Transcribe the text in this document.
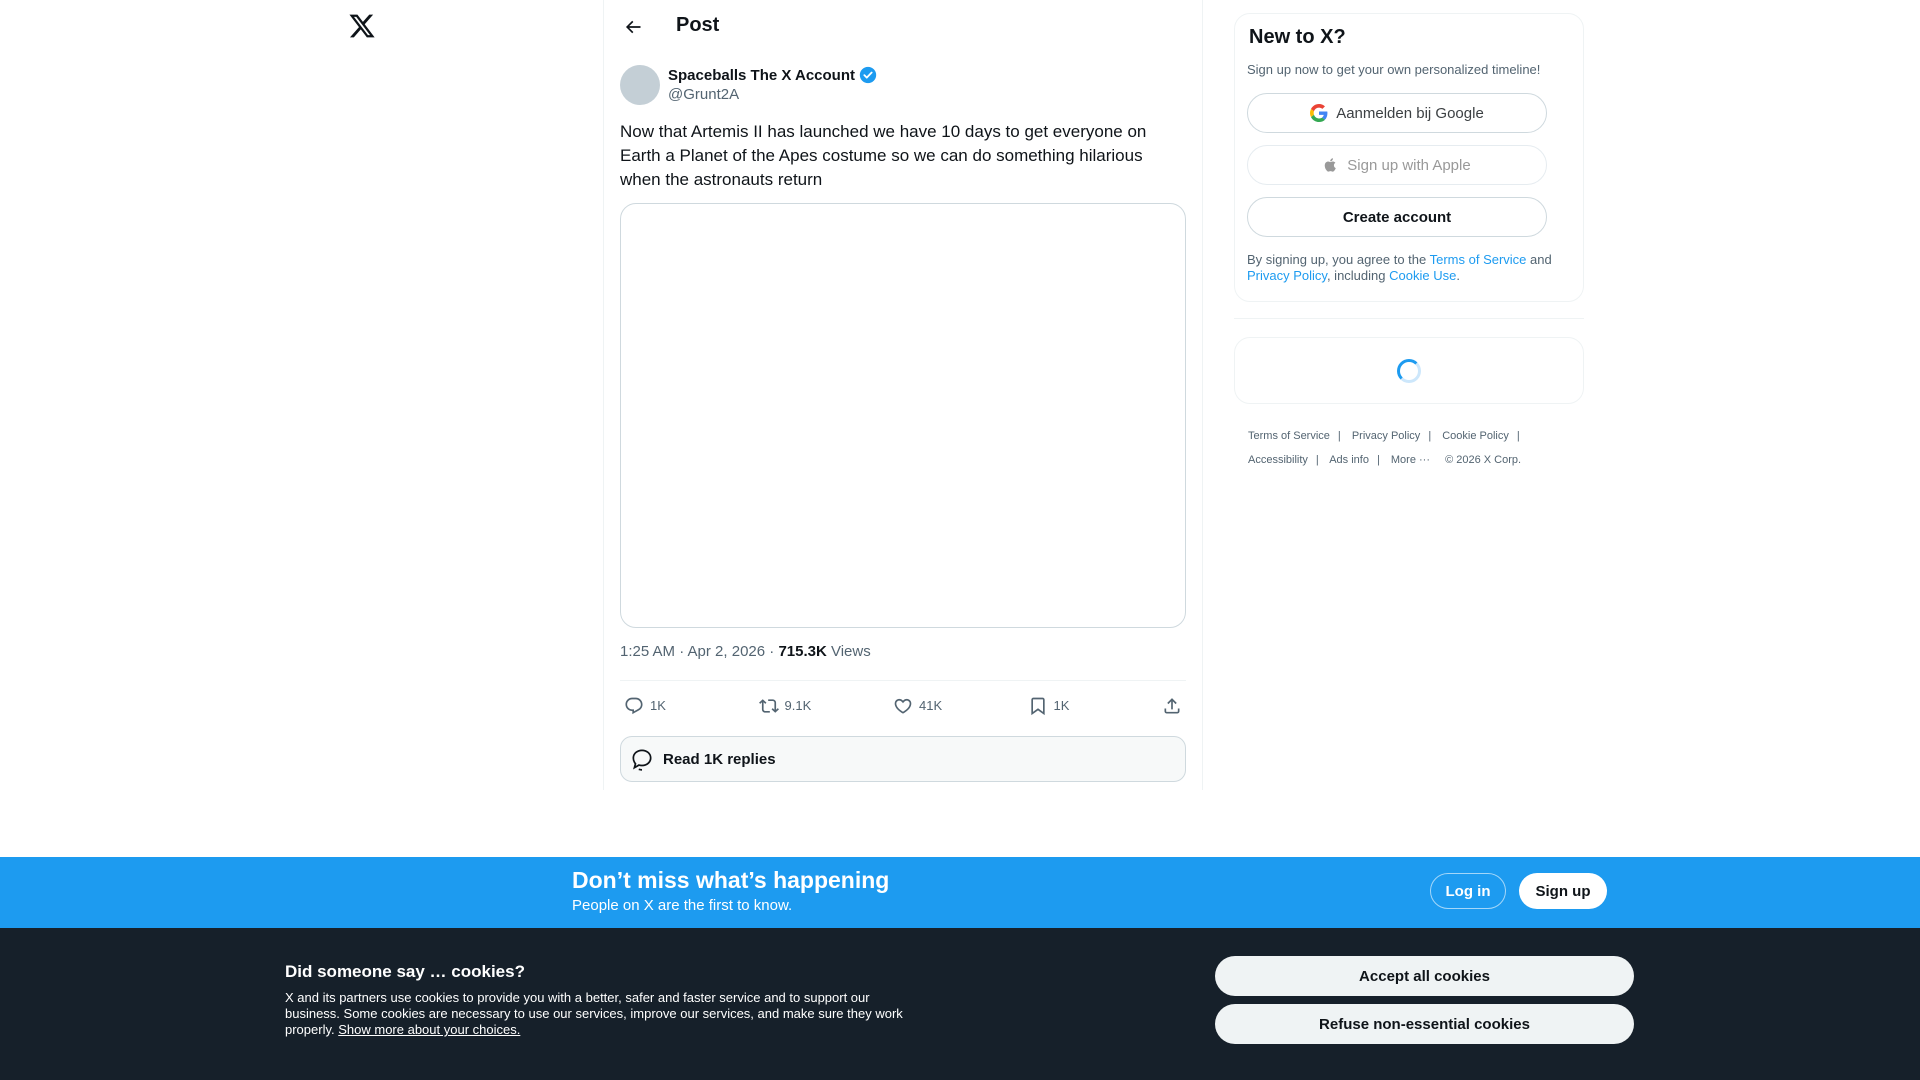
Post
Spaceballs The X Account
@Grunt2A
Now that Artemis II has launched we have 10 days to get everyone on Earth a Planet of the Apes costume so we can do something hilarious when the astronauts return
1:25 AM · Apr 2, 2026 · 715.3K Views
1K	9.1K	41K	1K
Read 1K replies
New to X?
Sign up now to get your own personalized timeline!
Aanmelden bij Google
Sign up with Apple
Create account
By signing up, you agree to the Terms of Service and Privacy Policy, including Cookie Use.
Terms of Service | Privacy Policy | Cookie Policy |
Accessibility | Ads info | More ··· © 2026 X Corp.
Don’t miss what’s happening
People on X are the first to know.
Log in	Sign up
Did someone say … cookies?
X and its partners use cookies to provide you with a better, safer and faster service and to support our business. Some cookies are necessary to use our services, improve our services, and make sure they work properly. Show more about your choices.
Accept all cookies
Refuse non-essential cookies
